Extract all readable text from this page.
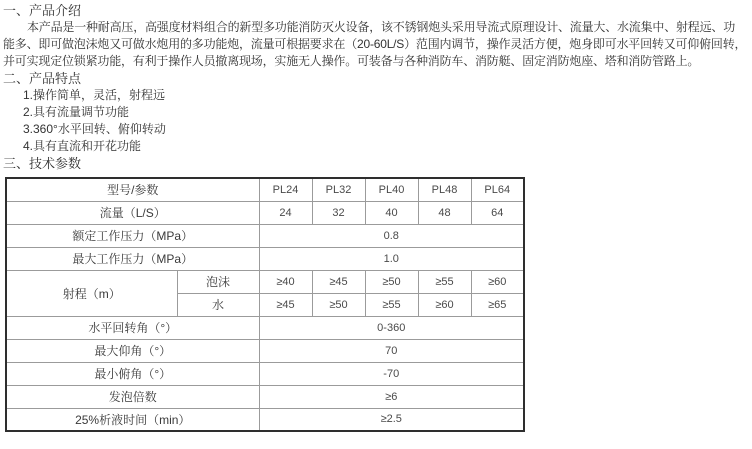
一、产品介绍
本产品是一种耐高压，高强度材料组合的新型多功能消防灭火设备，该不锈钢炮头采用导流式原理设计、流量大、水流集中、射程远、功
能多、即可做泡沫炮又可做水炮用的多功能炮，流量可根据要求在（20-60L/S）范围内调节，操作灵活方便，炮身即可水平回转又可仰俯回转，
并可实现定位锁紧功能，有利于操作人员撤离现场，实施无人操作。可装备与各种消防车、消防艇、固定消防炮座、塔和消防管路上。
二、产品特点
1.操作简单，灵活，射程远
2.具有流量调节功能
3.360°水平回转、俯仰转动
4.具有直流和开花功能
三、技术参数
型号/参数		PL24	PL32	PL40	PL48	PL64
流量（L/S）		24	32	40	48	64
额定工作压力（MPa）		0.8				
最大工作压力（MPa）		1.0				
射程（m）	泡沫	≥40	≥45	≥50	≥55	≥60
	水	≥45	≥50	≥55	≥60	≥65
水平回转角（°）		0-360				
最大仰角（°）		70				
最小俯角（°）		-70				
发泡倍数		≥6				
25%析液时间（min）		≥2.5				
